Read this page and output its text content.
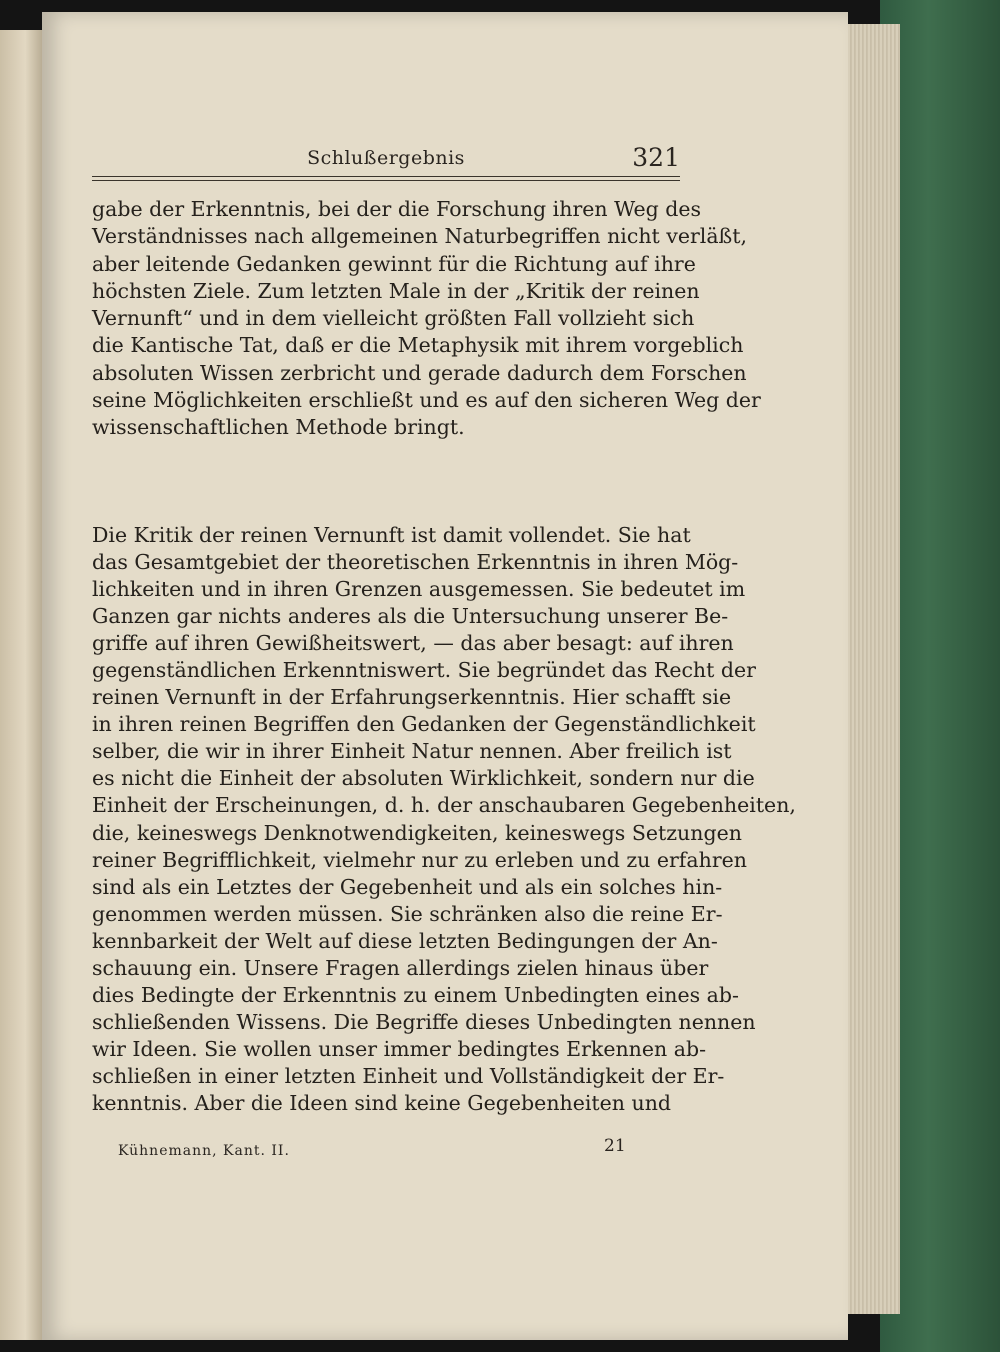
Schlußergebnis	321
gabe der Erkenntnis, bei der die Forschung ihren Weg des
Verständnisses nach allgemeinen Naturbegriffen nicht verläßt,
aber leitende Gedanken gewinnt für die Richtung auf ihre
höchsten Ziele. Zum letzten Male in der „Kritik der reinen
Vernunft“ und in dem vielleicht größten Fall vollzieht sich
die Kantische Tat, daß er die Metaphysik mit ihrem vorgeblich
absoluten Wissen zerbricht und gerade dadurch dem Forschen
seine Möglichkeiten erschließt und es auf den sicheren Weg der
wissenschaftlichen Methode bringt.
Die Kritik der reinen Vernunft ist damit vollendet. Sie hat
das Gesamtgebiet der theoretischen Erkenntnis in ihren Mög-
lichkeiten und in ihren Grenzen ausgemessen. Sie bedeutet im
Ganzen gar nichts anderes als die Untersuchung unserer Be-
griffe auf ihren Gewißheitswert, — das aber besagt: auf ihren
gegenständlichen Erkenntniswert. Sie begründet das Recht der
reinen Vernunft in der Erfahrungserkenntnis. Hier schafft sie
in ihren reinen Begriffen den Gedanken der Gegenständlichkeit
selber, die wir in ihrer Einheit Natur nennen. Aber freilich ist
es nicht die Einheit der absoluten Wirklichkeit, sondern nur die
Einheit der Erscheinungen, d. h. der anschaubaren Gegebenheiten,
die, keineswegs Denknotwendigkeiten, keineswegs Setzungen
reiner Begrifflichkeit, vielmehr nur zu erleben und zu erfahren
sind als ein Letztes der Gegebenheit und als ein solches hin-
genommen werden müssen. Sie schränken also die reine Er-
kennbarkeit der Welt auf diese letzten Bedingungen der An-
schauung ein. Unsere Fragen allerdings zielen hinaus über
dies Bedingte der Erkenntnis zu einem Unbedingten eines ab-
schließenden Wissens. Die Begriffe dieses Unbedingten nennen
wir Ideen. Sie wollen unser immer bedingtes Erkennen ab-
schließen in einer letzten Einheit und Vollständigkeit der Er-
kenntnis. Aber die Ideen sind keine Gegebenheiten und
Kühnemann, Kant. II.	21
